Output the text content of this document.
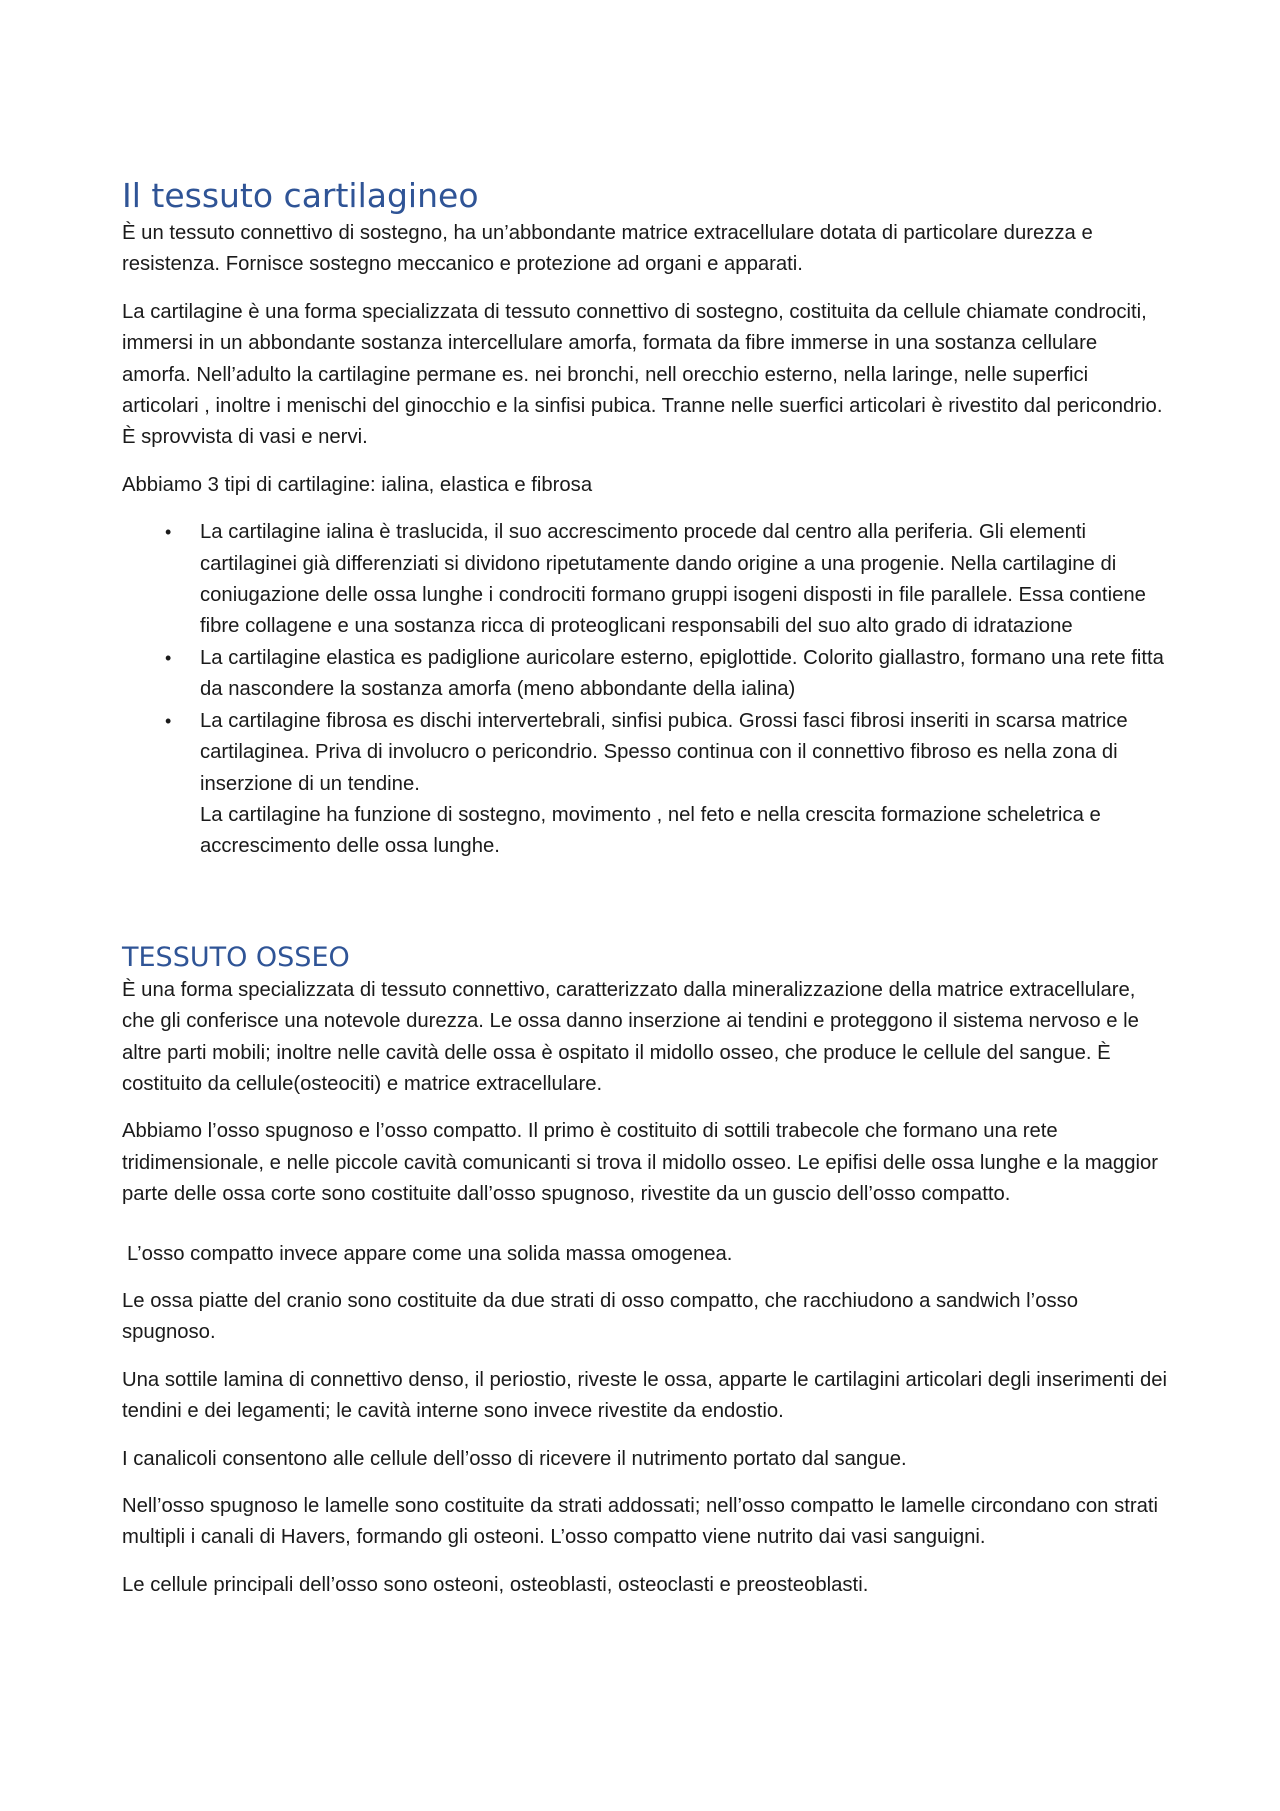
Il tessuto cartilagineo

È un tessuto connettivo di sostegno, ha un’abbondante matrice extracellulare dotata di particolare durezza e resistenza. Fornisce sostegno meccanico e protezione ad organi e apparati.

La cartilagine è una forma specializzata di tessuto connettivo di sostegno, costituita da cellule chiamate condrociti, immersi in un abbondante sostanza intercellulare amorfa, formata da fibre immerse in una sostanza cellulare amorfa. Nell’adulto la cartilagine permane es. nei bronchi, nell orecchio esterno, nella laringe, nelle superfici articolari , inoltre i menischi del ginocchio e la sinfisi pubica. Tranne nelle suerfici articolari è rivestito dal pericondrio. È sprovvista di vasi e nervi.

Abbiamo 3 tipi di cartilagine: ialina, elastica e fibrosa

• La cartilagine ialina è traslucida, il suo accrescimento procede dal centro alla periferia. Gli elementi cartilaginei già differenziati si dividono ripetutamente dando origine a una progenie. Nella cartilagine di coniugazione delle ossa lunghe i condrociti formano gruppi isogeni disposti in file parallele. Essa contiene fibre collagene e una sostanza ricca di proteoglicani responsabili del suo alto grado di idratazione
• La cartilagine elastica es padiglione auricolare esterno, epiglottide. Colorito giallastro, formano una rete fitta da nascondere la sostanza amorfa (meno abbondante della ialina)
• La cartilagine fibrosa es dischi intervertebrali, sinfisi pubica. Grossi fasci fibrosi inseriti in scarsa matrice cartilaginea. Priva di involucro o pericondrio. Spesso continua con il connettivo fibroso es nella zona di inserzione di un tendine.
La cartilagine ha funzione di sostegno, movimento , nel feto e nella crescita formazione scheletrica e accrescimento delle ossa lunghe.
TESSUTO OSSEO

È una forma specializzata di tessuto connettivo, caratterizzato dalla mineralizzazione della matrice extracellulare, che gli conferisce una notevole durezza. Le ossa danno inserzione ai tendini e proteggono il sistema nervoso e le altre parti mobili; inoltre nelle cavità delle ossa è ospitato il midollo osseo, che produce le cellule del sangue. È costituito da cellule(osteociti) e matrice extracellulare.

Abbiamo l’osso spugnoso e l’osso compatto. Il primo è costituito di sottili trabecole che formano una rete tridimensionale, e nelle piccole cavità comunicanti si trova il midollo osseo. Le epifisi delle ossa lunghe e la maggior parte delle ossa corte sono costituite dall’osso spugnoso, rivestite da un guscio dell’osso compatto.

L’osso compatto invece appare come una solida massa omogenea.

Le ossa piatte del cranio sono costituite da due strati di osso compatto, che racchiudono a sandwich l’osso spugnoso.

Una sottile lamina di connettivo denso, il periostio, riveste le ossa, apparte le cartilagini articolari degli inserimenti dei tendini e dei legamenti; le cavità interne sono invece rivestite da endostio.

I canalicoli consentono alle cellule dell’osso di ricevere il nutrimento portato dal sangue.

Nell’osso spugnoso le lamelle sono costituite da strati addossati; nell’osso compatto le lamelle circondano con strati multipli i canali di Havers, formando gli osteoni. L’osso compatto viene nutrito dai vasi sanguigni.

Le cellule principali dell’osso sono osteoni, osteoblasti, osteoclasti e preosteoblasti.
